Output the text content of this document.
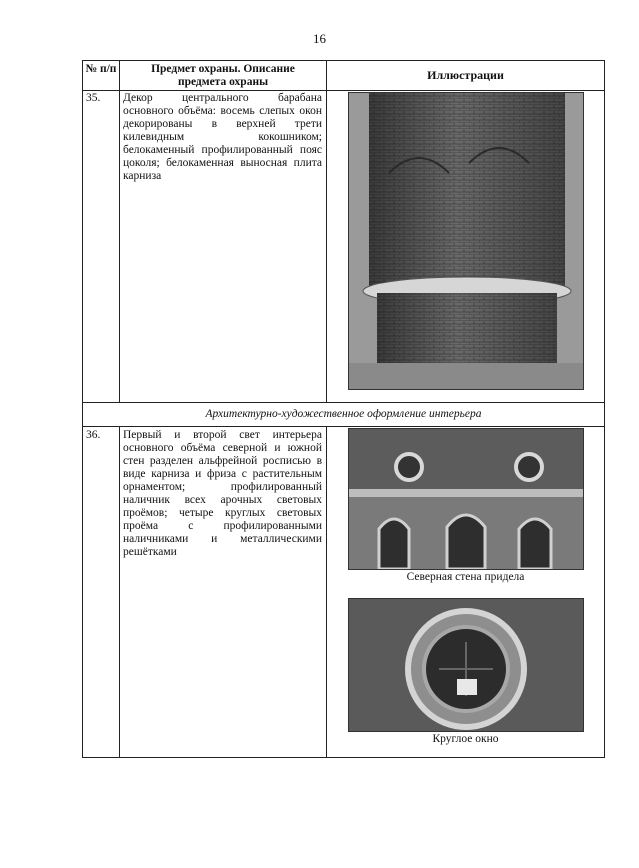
16
№ п/п	Предмет охраны. Описание предмета охраны	Иллюстрации
35. Декор центрального барабана основного объёма: восемь слепых окон декорированы в верхней трети килевидным кокошником; белокаменный профилированный пояс цоколя; белокаменная выносная плита карниза
Архитектурно-художественное оформление интерьера
36. Первый и второй свет интерьера основного объёма северной и южной стен разделен альфрейной росписью в виде карниза и фриза с растительным орнаментом; профилированный наличник всех арочных световых проёмов; четыре круглых световых проёма с профилированными наличниками и металлическими решётками
Северная стена придела
Круглое окно
